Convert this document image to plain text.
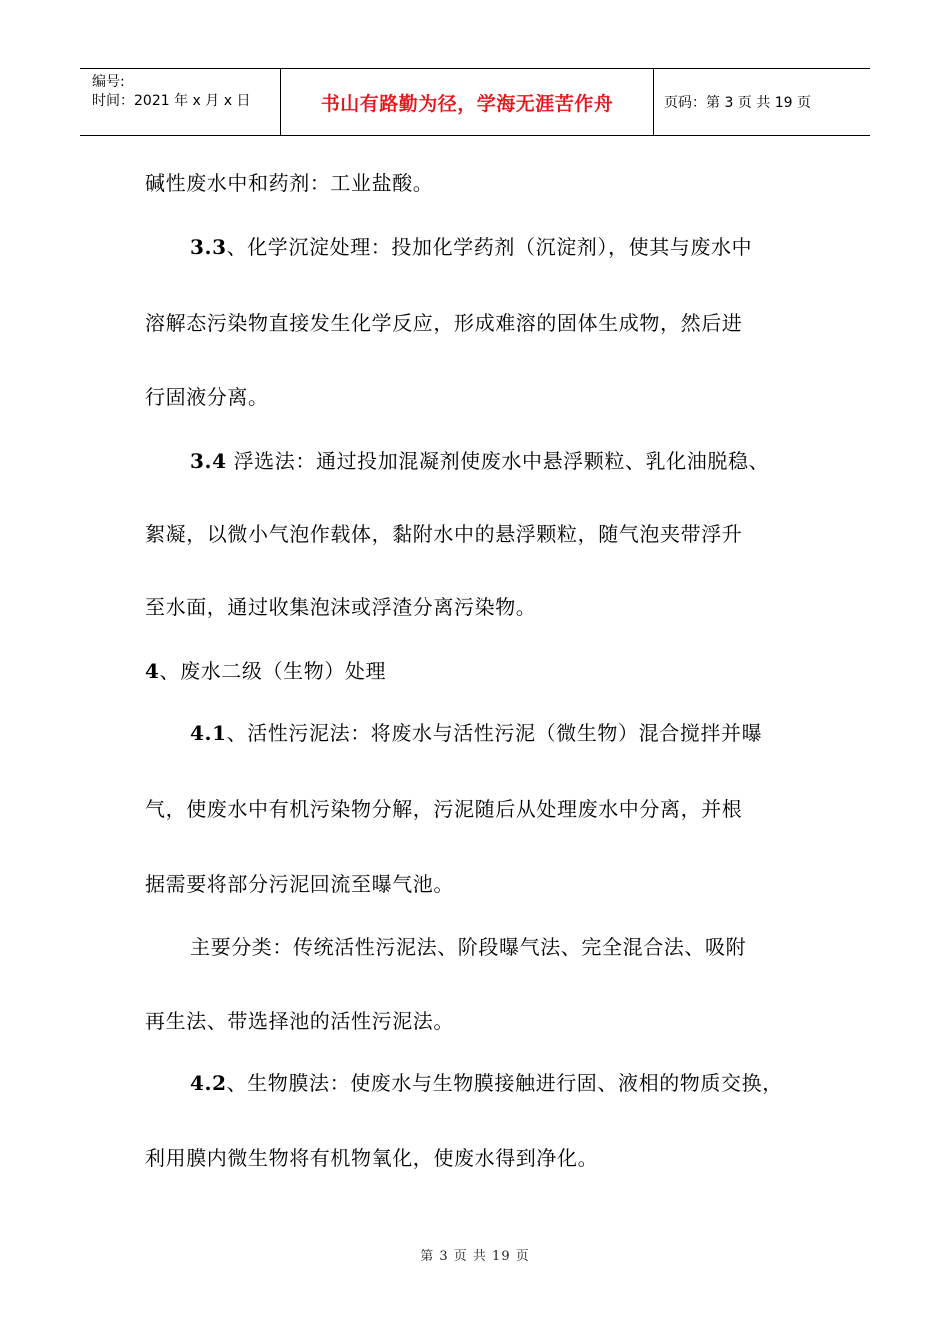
编号:
时间：2021 年 x 月 x 日	书山有路勤为径，学海无涯苦作舟	页码：第 3 页 共 19 页
碱性废水中和药剂：工业盐酸。
3.3、化学沉淀处理：投加化学药剂（沉淀剂），使其与废水中
溶解态污染物直接发生化学反应，形成难溶的固体生成物，然后进
行固液分离。
3.4 浮选法：通过投加混凝剂使废水中悬浮颗粒、乳化油脱稳、
絮凝，以微小气泡作载体，黏附水中的悬浮颗粒，随气泡夹带浮升
至水面，通过收集泡沫或浮渣分离污染物。
4、废水二级（生物）处理
4.1、活性污泥法：将废水与活性污泥（微生物）混合搅拌并曝
气，使废水中有机污染物分解，污泥随后从处理废水中分离，并根
据需要将部分污泥回流至曝气池。
主要分类：传统活性污泥法、阶段曝气法、完全混合法、吸附
再生法、带选择池的活性污泥法。
4.2、生物膜法：使废水与生物膜接触进行固、液相的物质交换，
利用膜内微生物将有机物氧化，使废水得到净化。
第 3 页 共 19 页
